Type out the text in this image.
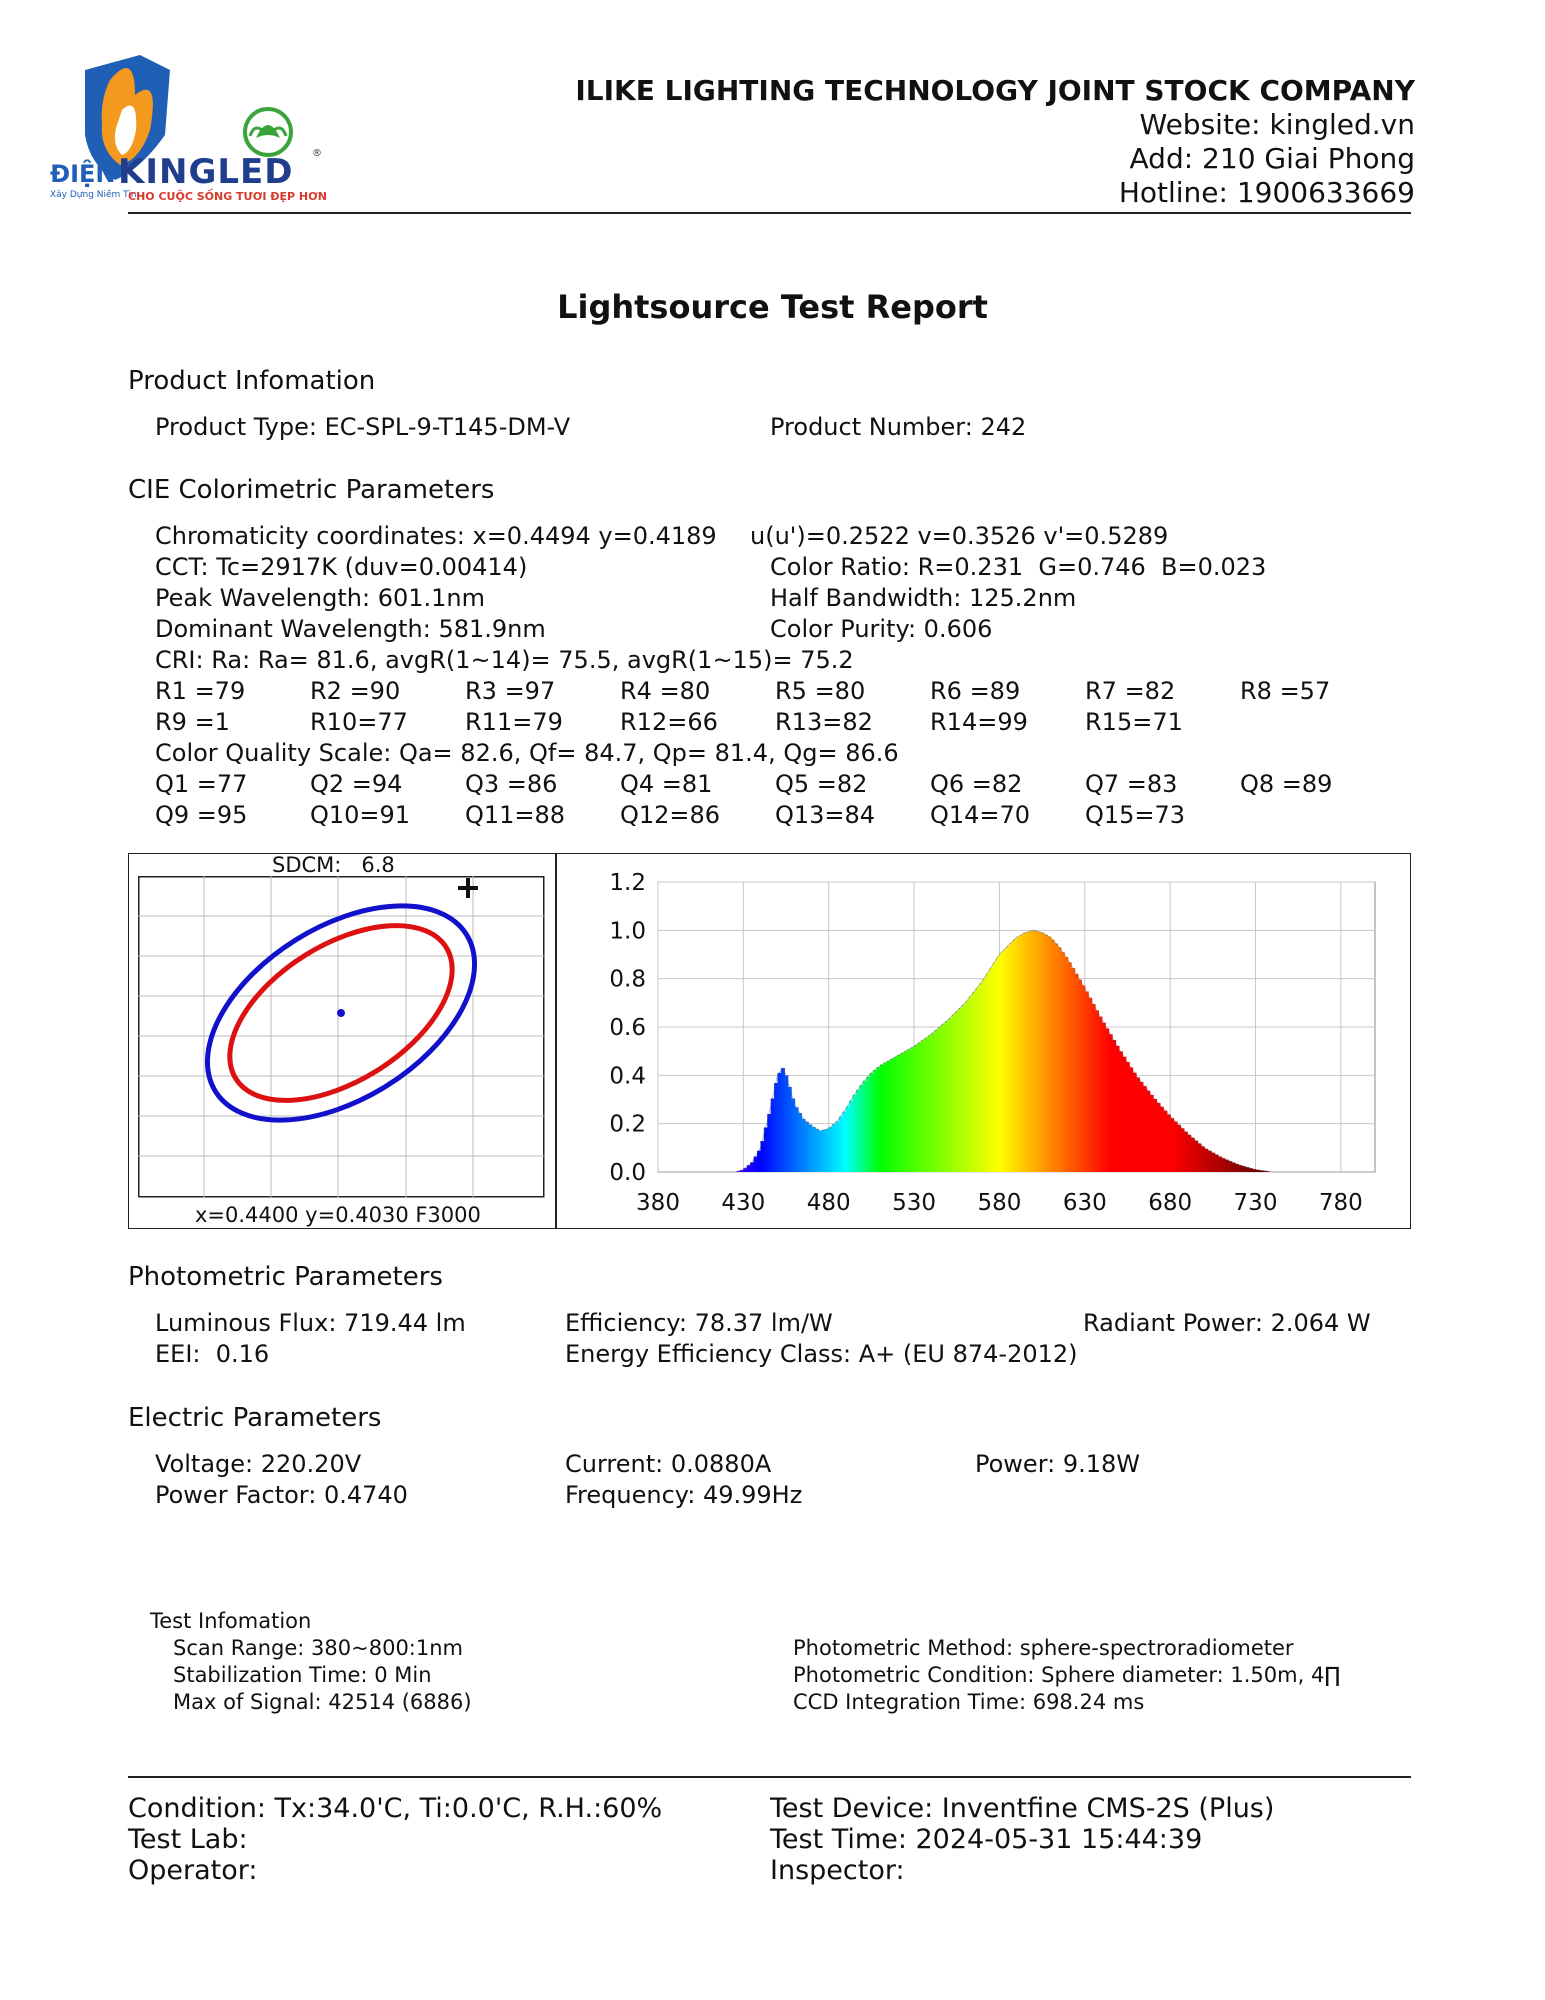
ĐIỆN KINGLED ®
Xây Dựng Niềm Tin
CHO CUỘC SỐNG TƯƠI ĐẸP HƠN
ILIKE LIGHTING TECHNOLOGY JOINT STOCK COMPANY
Website: kingled.vn
Add: 210 Giai Phong
Hotline: 1900633669
Lightsource Test Report
Product Infomation
Product Type: EC-SPL-9-T145-DM-V	Product Number: 242
CIE Colorimetric Parameters
Chromaticity coordinates: x=0.4494 y=0.4189 u(u')=0.2522 v=0.3526 v'=0.5289
CCT: Tc=2917K (duv=0.00414)	Color Ratio: R=0.231  G=0.746  B=0.023
Peak Wavelength: 601.1nm	Half Bandwidth: 125.2nm
Dominant Wavelength: 581.9nm	Color Purity: 0.606
CRI: Ra: Ra= 81.6, avgR(1~14)= 75.5, avgR(1~15)= 75.2
R1 =79	R2 =90	R3 =97	R4 =80	R5 =80	R6 =89	R7 =82	R8 =57
R9 =1	R10=77 R11=79 R12=66 R13=82 R14=99 R15=71
Color Quality Scale: Qa= 82.6, Qf= 84.7, Qp= 81.4, Qg= 86.6
Q1 =77	Q2 =94	Q3 =86	Q4 =81	Q5 =82	Q6 =82	Q7 =83	Q8 =89
Q9 =95	Q10=91 Q11=88 Q12=86 Q13=84 Q14=70 Q15=73
SDCM:   6.8
x=0.4400 y=0.4030 F3000
1.2
1.0
0.8
0.6
0.4
0.2
0.0
380 430 480 530 580 630 680 730 780
Photometric Parameters
Luminous Flux: 719.44 lm	Efficiency: 78.37 lm/W	Radiant Power: 2.064 W
EEI:  0.16	Energy Efficiency Class: A+ (EU 874-2012)
Electric Parameters
Voltage: 220.20V	Current: 0.0880A	Power: 9.18W
Power Factor: 0.4740	Frequency: 49.99Hz
Test Infomation
Scan Range: 380~800:1nm
Stabilization Time: 0 Min
Max of Signal: 42514 (6886)
Photometric Method: sphere-spectroradiometer
Photometric Condition: Sphere diameter: 1.50m, 4∏
CCD Integration Time: 698.24 ms
Condition: Tx:34.0'C, Ti:0.0'C, R.H.:60%	Test Device: Inventfine CMS-2S (Plus)
Test Lab:	Test Time: 2024-05-31 15:44:39
Operator:	Inspector:
